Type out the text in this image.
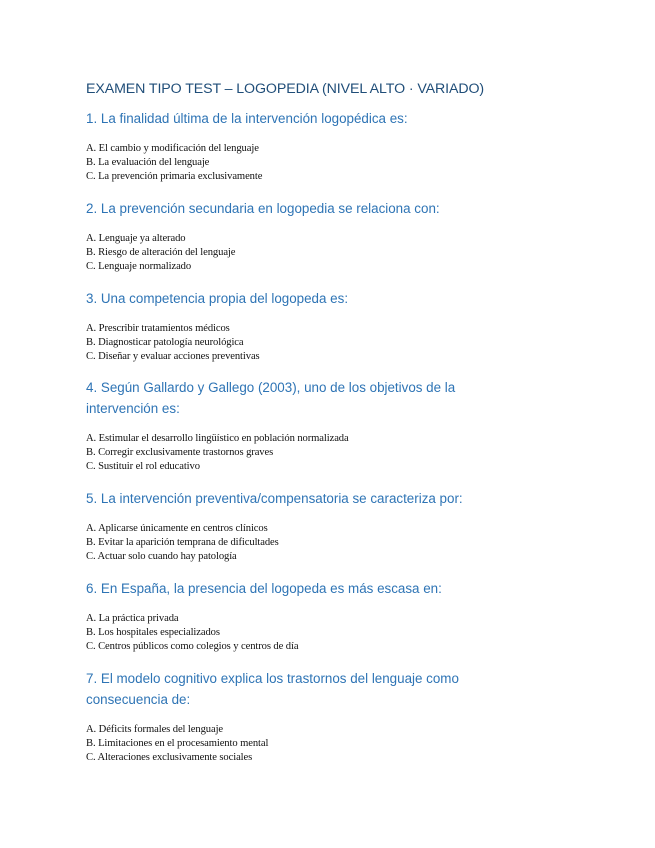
EXAMEN TIPO TEST – LOGOPEDIA (NIVEL ALTO · VARIADO)

1. La finalidad última de la intervención logopédica es:

A. El cambio y modificación del lenguaje
B. La evaluación del lenguaje
C. La prevención primaria exclusivamente

2. La prevención secundaria en logopedia se relaciona con:

A. Lenguaje ya alterado
B. Riesgo de alteración del lenguaje
C. Lenguaje normalizado

3. Una competencia propia del logopeda es:

A. Prescribir tratamientos médicos
B. Diagnosticar patología neurológica
C. Diseñar y evaluar acciones preventivas

4. Según Gallardo y Gallego (2003), uno de los objetivos de la intervención es:

A. Estimular el desarrollo lingüístico en población normalizada
B. Corregir exclusivamente trastornos graves
C. Sustituir el rol educativo

5. La intervención preventiva/compensatoria se caracteriza por:

A. Aplicarse únicamente en centros clínicos
B. Evitar la aparición temprana de dificultades
C. Actuar solo cuando hay patología

6. En España, la presencia del logopeda es más escasa en:

A. La práctica privada
B. Los hospitales especializados
C. Centros públicos como colegios y centros de día

7. El modelo cognitivo explica los trastornos del lenguaje como consecuencia de:

A. Déficits formales del lenguaje
B. Limitaciones en el procesamiento mental
C. Alteraciones exclusivamente sociales
